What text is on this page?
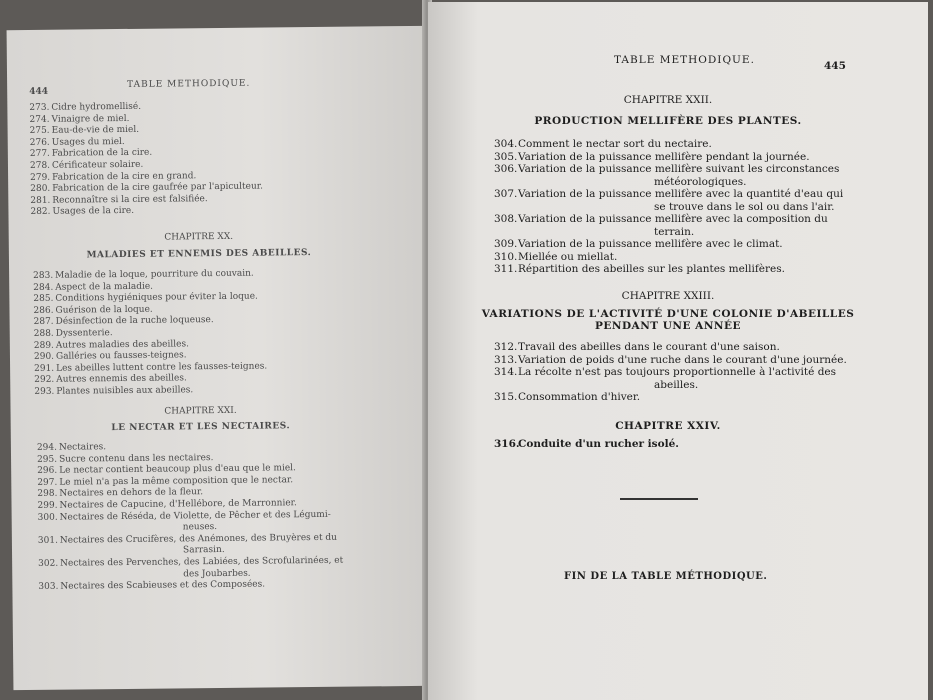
444
TABLE METHODIQUE.
273. Cidre hydromellisé.
274. Vinaigre de miel.
275. Eau-de-vie de miel.
276. Usages du miel.
277. Fabrication de la cire.
278. Cérificateur solaire.
279. Fabrication de la cire en grand.
280. Fabrication de la cire gaufrée par l'apiculteur.
281. Reconnaître si la cire est falsifiée.
282. Usages de la cire.
CHAPITRE XX.
MALADIES ET ENNEMIS DES ABEILLES.
283. Maladie de la loque, pourriture du couvain.
284. Aspect de la maladie.
285. Conditions hygiéniques pour éviter la loque.
286. Guérison de la loque.
287. Désinfection de la ruche loqueuse.
288. Dyssenterie.
289. Autres maladies des abeilles.
290. Galléries ou fausses-teignes.
291. Les abeilles luttent contre les fausses-teignes.
292. Autres ennemis des abeilles.
293. Plantes nuisibles aux abeilles.
CHAPITRE XXI.
LE NECTAR ET LES NECTAIRES.
294. Nectaires.
295. Sucre contenu dans les nectaires.
296. Le nectar contient beaucoup plus d'eau que le miel.
297. Le miel n'a pas la même composition que le nectar.
298. Nectaires en dehors de la fleur.
299. Nectaires de Capucine, d'Hellébore, de Marronnier.
300. Nectaires de Réséda, de Violette, de Pêcher et des Légumi-
neuses.
301. Nectaires des Crucifères, des Anémones, des Bruyères et du
Sarrasin.
302. Nectaires des Pervenches, des Labiées, des Scrofularinées, et
des Joubarbes.
303. Nectaires des Scabieuses et des Composées.
TABLE METHODIQUE.	445
CHAPITRE XXII.
PRODUCTION MELLIFÈRE DES PLANTES.
304. Comment le nectar sort du nectaire.
305. Variation de la puissance mellifère pendant la journée.
306. Variation de la puissance mellifère suivant les circonstances
météorologiques.
307. Variation de la puissance mellifère avec la quantité d'eau qui
se trouve dans le sol ou dans l'air.
308. Variation de la puissance mellifère avec la composition du
terrain.
309. Variation de la puissance mellifère avec le climat.
310. Miellée ou miellat.
311. Répartition des abeilles sur les plantes mellifères.
CHAPITRE XXIII.
VARIATIONS DE L'ACTIVITÉ D'UNE COLONIE D'ABEILLES
PENDANT UNE ANNÉE
312. Travail des abeilles dans le courant d'une saison.
313. Variation de poids d'une ruche dans le courant d'une journée.
314. La récolte n'est pas toujours proportionnelle à l'activité des
abeilles.
315. Consommation d'hiver.
CHAPITRE XXIV.
316.
Conduite d'un rucher isolé.
FIN DE LA TABLE MÉTHODIQUE.
